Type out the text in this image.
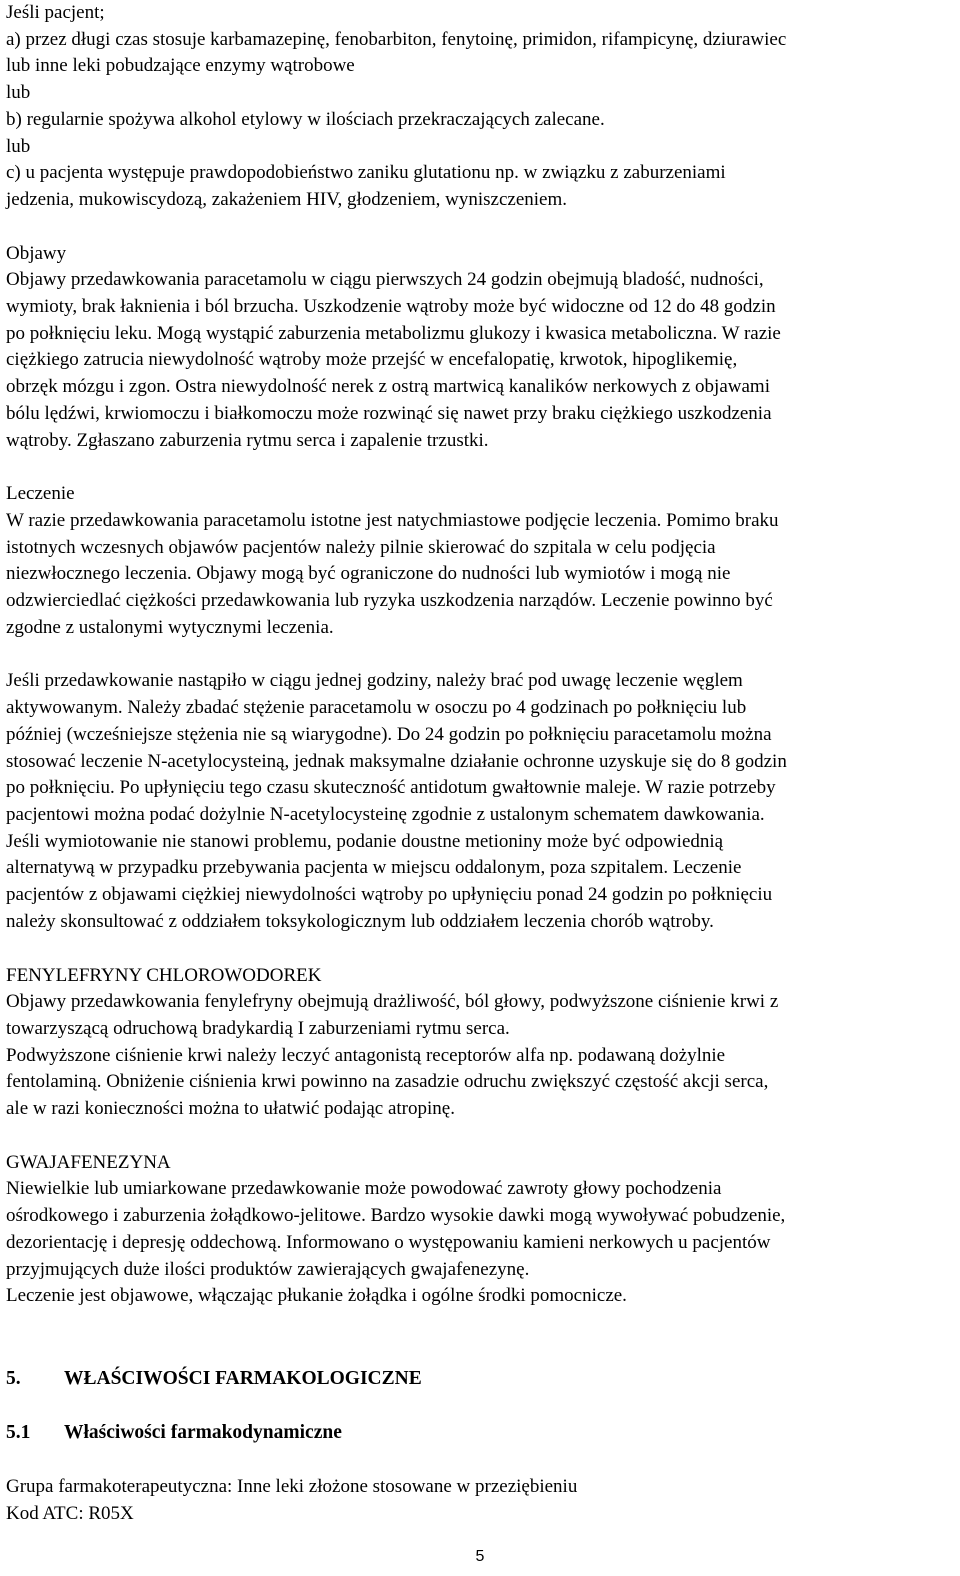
Jeśli pacjent;

a) przez długi czas stosuje karbamazepinę, fenobarbiton, fenytoinę, primidon, rifampicynę, dziurawiec

lub inne leki pobudzające enzymy wątrobowe

lub

b) regularnie spożywa alkohol etylowy w ilościach przekraczających zalecane.

lub

c) u pacjenta występuje prawdopodobieństwo zaniku glutationu np. w związku z zaburzeniami

jedzenia, mukowiscydozą, zakażeniem HIV, głodzeniem, wyniszczeniem.

Objawy

Objawy przedawkowania paracetamolu w ciągu pierwszych 24 godzin obejmują bladość, nudności,

wymioty, brak łaknienia i ból brzucha. Uszkodzenie wątroby może być widoczne od 12 do 48 godzin

po połknięciu leku. Mogą wystąpić zaburzenia metabolizmu glukozy i kwasica metaboliczna. W razie

ciężkiego zatrucia niewydolność wątroby może przejść w encefalopatię, krwotok, hipoglikemię,

obrzęk mózgu i zgon. Ostra niewydolność nerek z ostrą martwicą kanalików nerkowych z objawami

bólu lędźwi, krwiomoczu i białkomoczu może rozwinąć się nawet przy braku ciężkiego uszkodzenia

wątroby. Zgłaszano zaburzenia rytmu serca i zapalenie trzustki.

Leczenie

W razie przedawkowania paracetamolu istotne jest natychmiastowe podjęcie leczenia. Pomimo braku

istotnych wczesnych objawów pacjentów należy pilnie skierować do szpitala w celu podjęcia

niezwłocznego leczenia. Objawy mogą być ograniczone do nudności lub wymiotów i mogą nie

odzwierciedlać ciężkości przedawkowania lub ryzyka uszkodzenia narządów. Leczenie powinno być

zgodne z ustalonymi wytycznymi leczenia.

Jeśli przedawkowanie nastąpiło w ciągu jednej godziny, należy brać pod uwagę leczenie węglem

aktywowanym. Należy zbadać stężenie paracetamolu w osoczu po 4 godzinach po połknięciu lub

później (wcześniejsze stężenia nie są wiarygodne). Do 24 godzin po połknięciu paracetamolu można

stosować leczenie N-acetylocysteiną, jednak maksymalne działanie ochronne uzyskuje się do 8 godzin

po połknięciu. Po upłynięciu tego czasu skuteczność antidotum gwałtownie maleje. W razie potrzeby

pacjentowi można podać dożylnie N-acetylocysteinę zgodnie z ustalonym schematem dawkowania.

Jeśli wymiotowanie nie stanowi problemu, podanie doustne metioniny może być odpowiednią

alternatywą w przypadku przebywania pacjenta w miejscu oddalonym, poza szpitalem. Leczenie

pacjentów z objawami ciężkiej niewydolności wątroby po upłynięciu ponad 24 godzin po połknięciu

należy skonsultować z oddziałem toksykologicznym lub oddziałem leczenia chorób wątroby.

FENYLEFRYNY CHLOROWODOREK

Objawy przedawkowania fenylefryny obejmują drażliwość, ból głowy, podwyższone ciśnienie krwi z

towarzyszącą odruchową bradykardią I zaburzeniami rytmu serca.

Podwyższone ciśnienie krwi należy leczyć antagonistą receptorów alfa np. podawaną dożylnie

fentolaminą. Obniżenie ciśnienia krwi powinno na zasadzie odruchu zwiększyć częstość akcji serca,

ale w razi konieczności można to ułatwić podając atropinę.

GWAJAFENEZYNA

Niewielkie lub umiarkowane przedawkowanie może powodować zawroty głowy pochodzenia

ośrodkowego i zaburzenia żołądkowo-jelitowe. Bardzo wysokie dawki mogą wywoływać pobudzenie,

dezorientację i depresję oddechową. Informowano o występowaniu kamieni nerkowych u pacjentów

przyjmujących duże ilości produktów zawierających gwajafenezynę.

Leczenie jest objawowe, włączając płukanie żołądka i ogólne środki pomocnicze.

5.	WŁAŚCIWOŚCI FARMAKOLOGICZNE
5.1	Właściwości farmakodynamiczne

Grupa farmakoterapeutyczna: Inne leki złożone stosowane w przeziębieniu

Kod ATC: R05X

5
